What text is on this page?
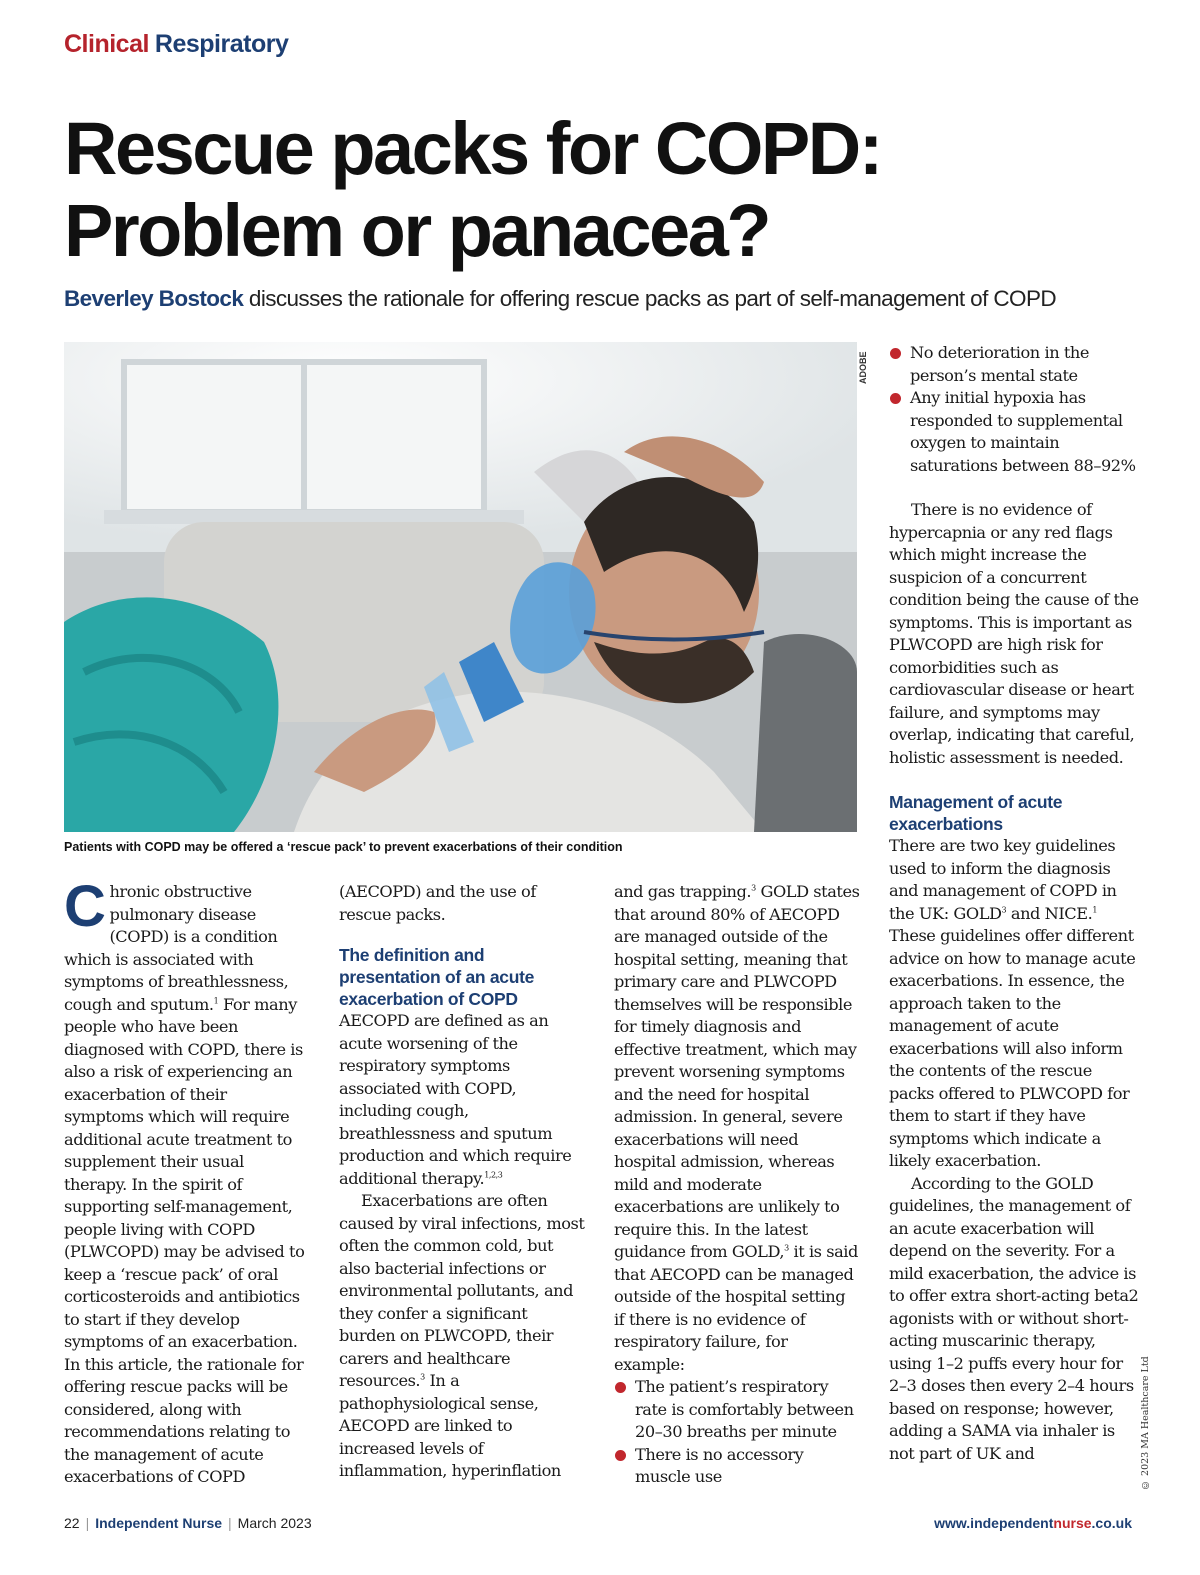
Clinical Respiratory
Rescue packs for COPD: Problem or panacea?

Beverley Bostock discusses the rationale for offering rescue packs as part of self-management of COPD

ADOBE
Patients with COPD may be offered a ‘rescue pack’ to prevent exacerbations of their condition

Chronic obstructive pulmonary disease (COPD) is a condition which is associated with symptoms of breathlessness, cough and sputum.$^1$ For many people who have been diagnosed with COPD, there is also a risk of experiencing an exacerbation of their symptoms which will require additional acute treatment to supplement their usual therapy. In the spirit of supporting self-management, people living with COPD (PLWCOPD) may be advised to keep a ‘rescue pack’ of oral corticosteroids and antibiotics to start if they develop symptoms of an exacerbation. In this article, the rationale for offering rescue packs will be considered, along with recommendations relating to the management of acute exacerbations of COPD

(AECOPD) and the use of rescue packs.

The definition and presentation of an acute exacerbation of COPD

AECOPD are defined as an acute worsening of the respiratory symptoms associated with COPD, including cough, breathlessness and sputum production and which require additional therapy.$^{1,2,3}$

Exacerbations are often caused by viral infections, most often the common cold, but also bacterial infections or environmental pollutants, and they confer a significant burden on PLWCOPD, their carers and healthcare resources.$^3$ In a pathophysiological sense, AECOPD are linked to increased levels of inflammation, hyperinflation

and gas trapping.$^3$ GOLD states that around 80% of AECOPD are managed outside of the hospital setting, meaning that primary care and PLWCOPD themselves will be responsible for timely diagnosis and effective treatment, which may prevent worsening symptoms and the need for hospital admission. In general, severe exacerbations will need hospital admission, whereas mild and moderate exacerbations are unlikely to require this. In the latest guidance from GOLD,$^3$ it is said that AECOPD can be managed outside of the hospital setting if there is no evidence of respiratory failure, for example:

The patient’s respiratory rate is comfortably between 20–30 breaths per minute
There is no accessory muscle use
No deterioration in the person’s mental state
Any initial hypoxia has responded to supplemental oxygen to maintain saturations between 88–92%

There is no evidence of hypercapnia or any red flags which might increase the suspicion of a concurrent condition being the cause of the symptoms. This is important as PLWCOPD are high risk for comorbidities such as cardiovascular disease or heart failure, and symptoms may overlap, indicating that careful, holistic assessment is needed.

Management of acute exacerbations

There are two key guidelines used to inform the diagnosis and management of COPD in the UK: GOLD$^3$ and NICE.$^1$ These guidelines offer different advice on how to manage acute exacerbations. In essence, the approach taken to the management of acute exacerbations will also inform the contents of the rescue packs offered to PLWCOPD for them to start if they have symptoms which indicate a likely exacerbation.

According to the GOLD guidelines, the management of an acute exacerbation will depend on the severity. For a mild exacerbation, the advice is to offer extra short-acting beta2 agonists with or without short-acting muscarinic therapy, using 1–2 puffs every hour for 2–3 doses then every 2–4 hours based on response; however, adding a SAMA via inhaler is not part of UK and	© 2023 MA Healthcare Ltd
22 | Independent Nurse | March 2023	www.independentnurse.co.uk
